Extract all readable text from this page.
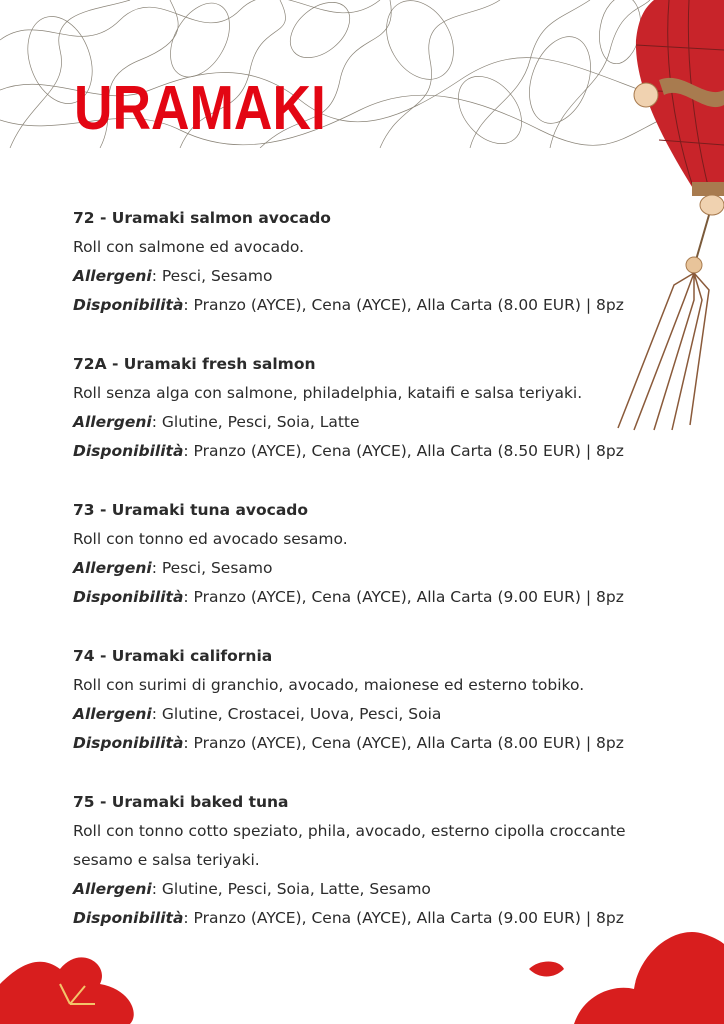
URAMAKI
72 - Uramaki salmon avocado
Roll con salmone ed avocado.
Allergeni: Pesci, Sesamo
Disponibilità: Pranzo (AYCE), Cena (AYCE), Alla Carta (8.00 EUR) | 8pz
72A - Uramaki fresh salmon
Roll senza alga con salmone, philadelphia, kataifi e salsa teriyaki.
Allergeni: Glutine, Pesci, Soia, Latte
Disponibilità: Pranzo (AYCE), Cena (AYCE), Alla Carta (8.50 EUR) | 8pz
73 - Uramaki tuna avocado
Roll con tonno ed avocado sesamo.
Allergeni: Pesci, Sesamo
Disponibilità: Pranzo (AYCE), Cena (AYCE), Alla Carta (9.00 EUR) | 8pz
74 - Uramaki california
Roll con surimi di granchio, avocado, maionese ed esterno tobiko.
Allergeni: Glutine, Crostacei, Uova, Pesci, Soia
Disponibilità: Pranzo (AYCE), Cena (AYCE), Alla Carta (8.00 EUR) | 8pz
75 - Uramaki baked tuna
Roll con tonno cotto speziato, phila, avocado, esterno cipolla croccante sesamo e salsa teriyaki.
Allergeni: Glutine, Pesci, Soia, Latte, Sesamo
Disponibilità: Pranzo (AYCE), Cena (AYCE), Alla Carta (9.00 EUR) | 8pz
